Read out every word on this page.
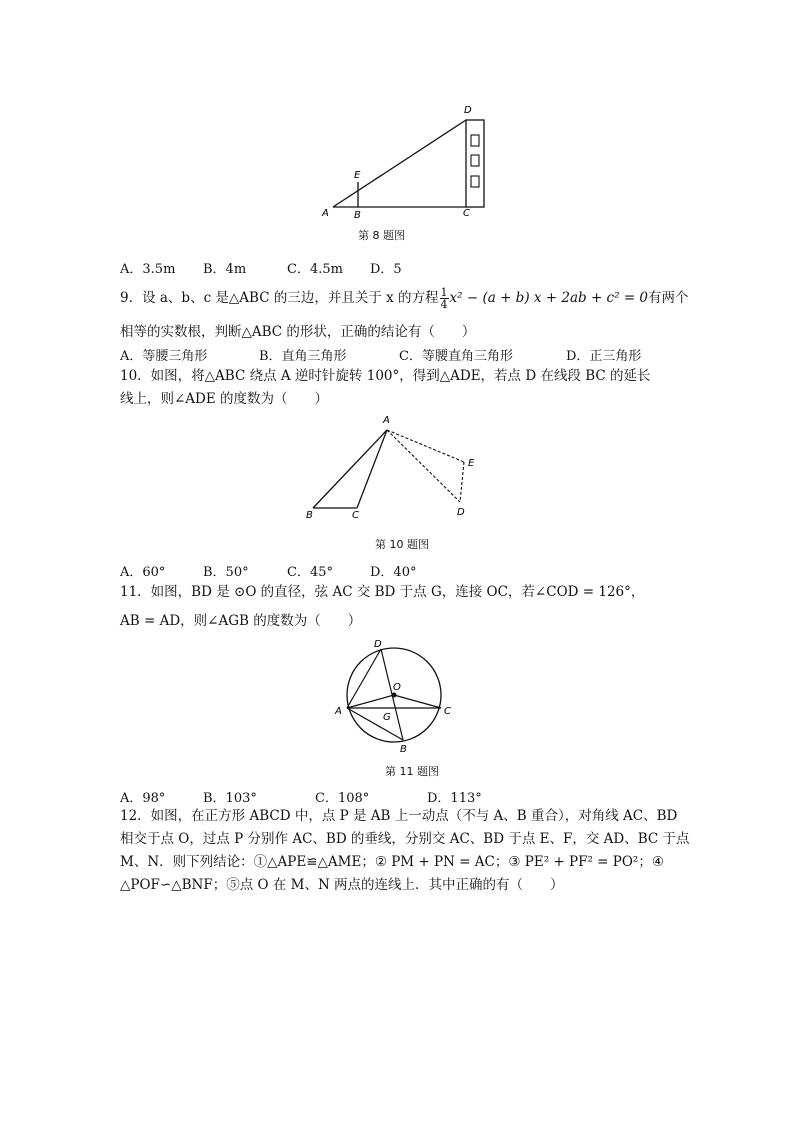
D
E
A	B	C
第 8 题图
A．3.5m B．4m	C．4.5m D．5
9．设 a、b、c 是△ABC 的三边，并且关于 x 的方程 $\frac{1}{4} x^2 - (a + b) x + 2ab + c^2 = 0$有两个
相等的实数根，判断△ABC 的形状，正确的结论有（　　）
A．等腰三角形	B．直角三角形	C．等腰直角三角形	D．正三角形
10．如图，将△ABC 绕点 A 逆时针旋转 100°，得到△ADE，若点 D 在线段 BC 的延长
线上，则∠ADE 的度数为（　　）
A
E
B	C	D
第 10 题图
A．60°	B．50°	C．45°	D．40°
11．如图，BD 是 ⊙O 的直径，弦 AC 交 BD 于点 G，连接 OC，若∠COD = 126°，
AB = AD，则∠AGB 的度数为（　　）
D
O
A
G
C
B
第 11 题图
A．98°	B．103°	C．108°	D．113°
12．如图，在正方形 ABCD 中，点 P 是 AB 上一动点（不与 A、B 重合），对角线 AC、BD
相交于点 O，过点 P 分别作 AC、BD 的垂线，分别交 AC、BD 于点 E、F，交 AD、BC 于点
M、N．则下列结论：①△APE≌△AME；② PM + PN = AC；③ PE² + PF² = PO²；④
△POF∽△BNF；⑤点 O 在 M、N 两点的连线上．其中正确的有（　　）
